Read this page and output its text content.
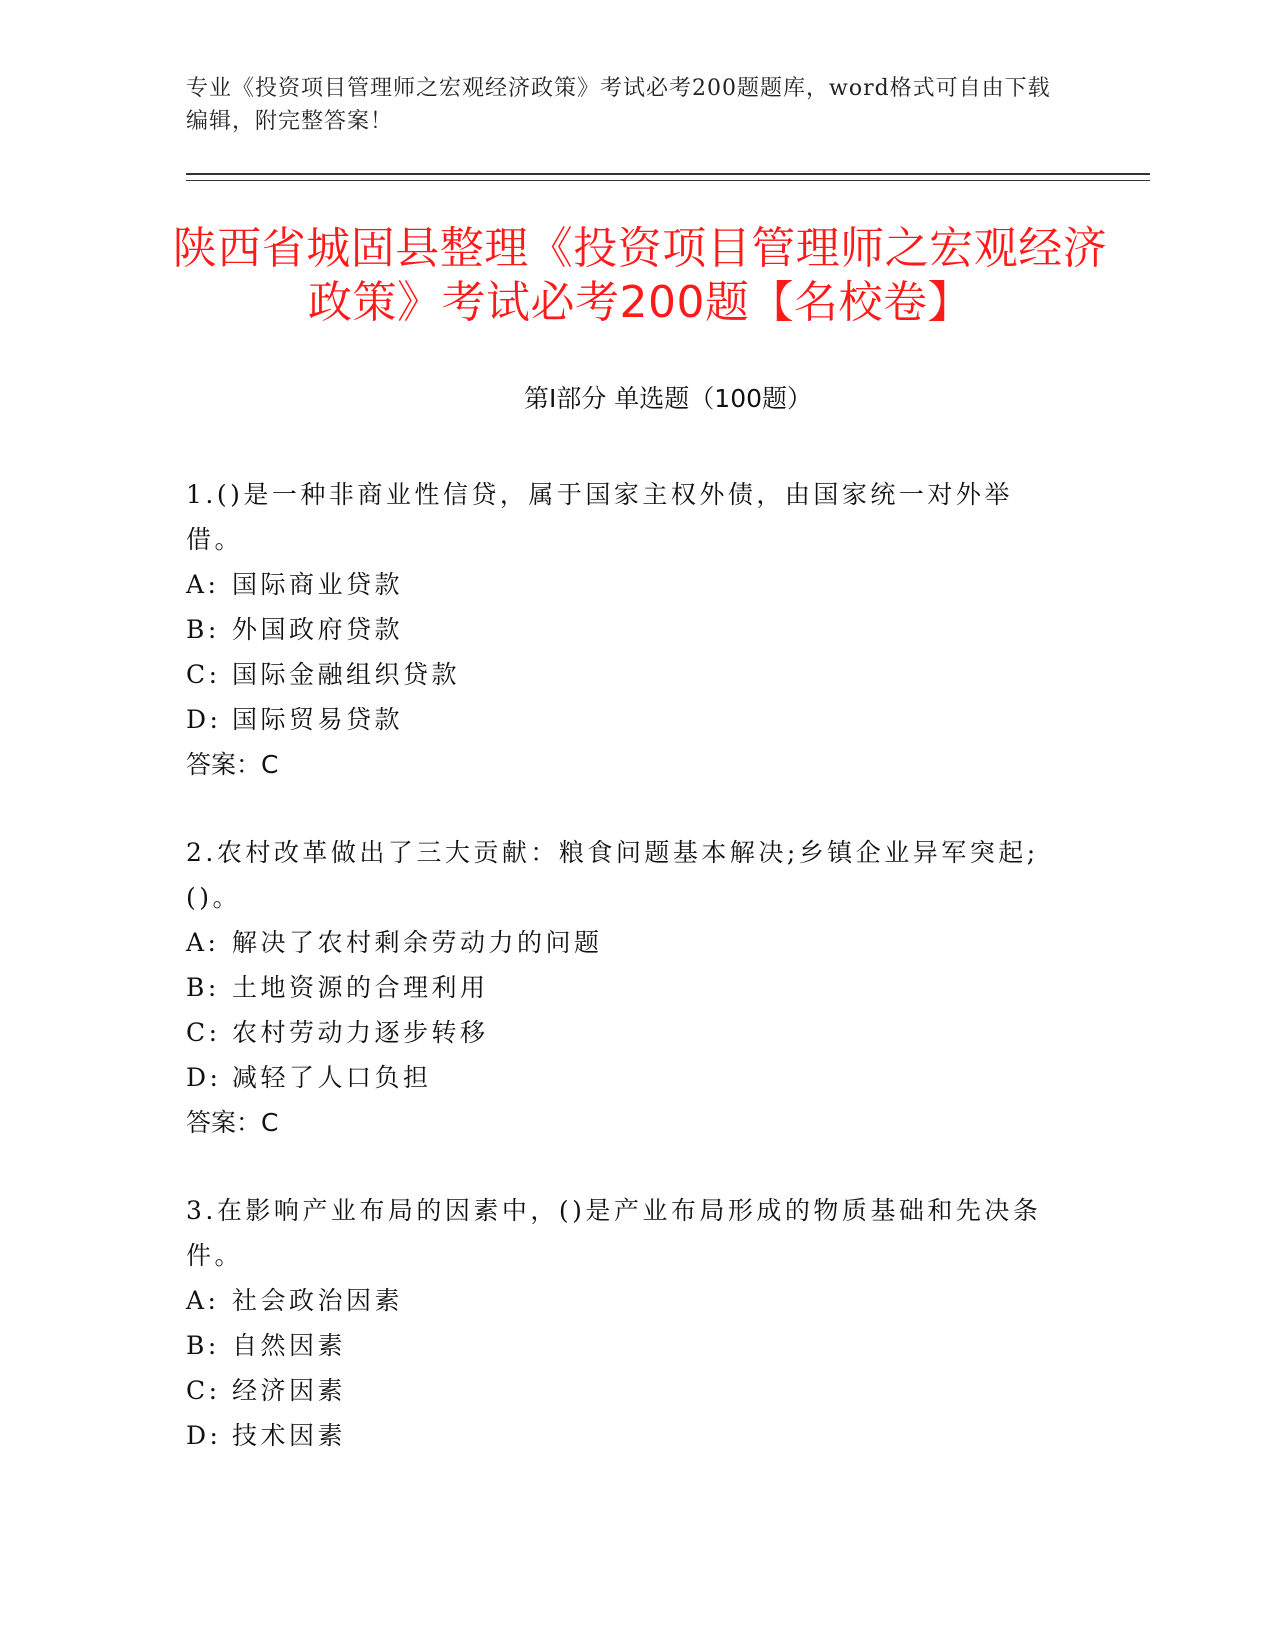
专业《投资项目管理师之宏观经济政策》考试必考200题题库，word格式可自由下载编辑，附完整答案！
陕西省城固县整理《投资项目管理师之宏观经济政策》考试必考200题【名校卷】
第Ⅰ部分 单选题（100题）

1.()是一种非商业性信贷，属于国家主权外债，由国家统一对外举借。

A: 国际商业贷款
B: 外国政府贷款
C: 国际金融组织贷款
D: 国际贸易贷款

答案：C

2.农村改革做出了三大贡献：粮食问题基本解决;乡镇企业异军突起;()。

A: 解决了农村剩余劳动力的问题
B: 土地资源的合理利用
C: 农村劳动力逐步转移
D: 减轻了人口负担

答案：C

3.在影响产业布局的因素中，()是产业布局形成的物质基础和先决条件。

A: 社会政治因素
B: 自然因素
C: 经济因素
D: 技术因素
